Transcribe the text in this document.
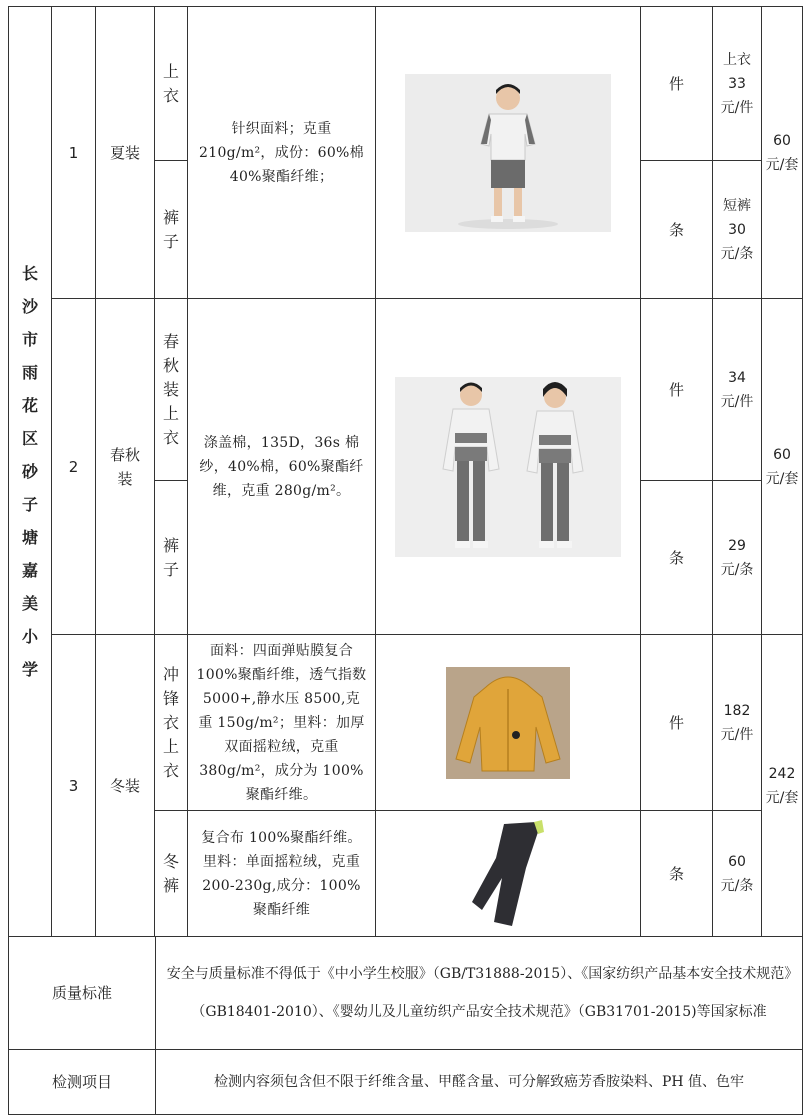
长沙市雨花区砂子塘嘉美小学
1 夏装
上衣
裤子
针织面料；克重 210g/m²，成份：60%棉 40%聚酯纤维；
件
条
上衣33元/件
短裤30元/条
60元/套
2
春秋装
春秋装上衣
裤子
涤盖棉，135D，36s 棉纱，40%棉，60%聚酯纤维，克重 280g/m²。
件
条
34元/件
29元/条
60元/套
3 冬装
冲锋衣上衣
冬裤
面料：四面弹贴膜复合100%聚酯纤维，透气指数 5000+,静水压 8500,克重 150g/m²；里料：加厚双面摇粒绒，克重380g/m²，成分为 100%聚酯纤维。
复合布 100%聚酯纤维。里料：单面摇粒绒，克重 200-230g,成分：100%聚酯纤维
件
条
182元/件
60元/条
242元/套
质量标准
安全与质量标准不得低于《中小学生校服》（GB/T31888-2015）、《国家纺织产品基本安全技术规范》（GB18401-2010）、《婴幼儿及儿童纺织产品安全技术规范》（GB31701-2015)等国家标准
检测项目	检测内容须包含但不限于纤维含量、甲醛含量、可分解致癌芳香胺染料、PH 值、色牢
